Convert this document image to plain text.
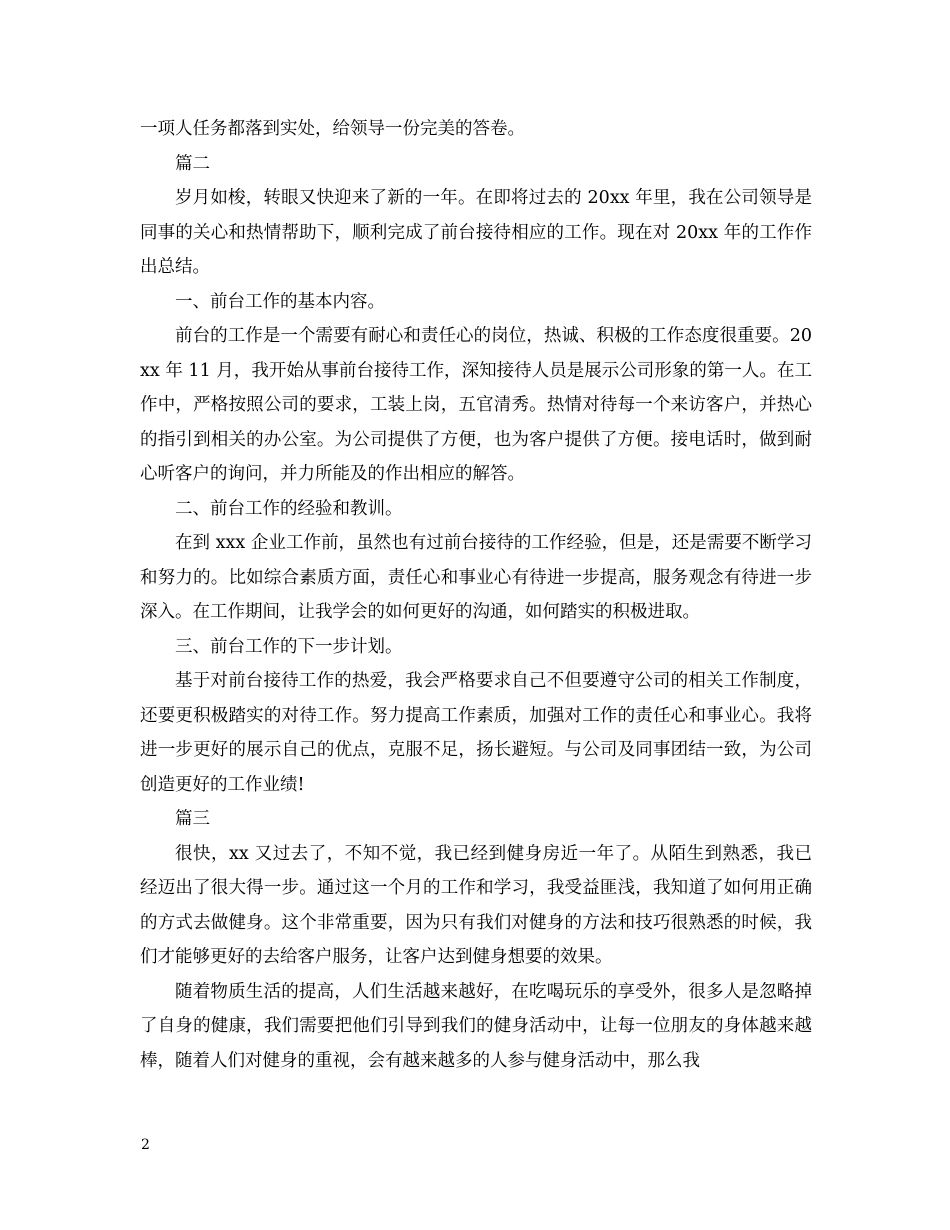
一项人任务都落到实处，给领导一份完美的答卷。

篇二

岁月如梭，转眼又快迎来了新的一年。在即将过去的 20xx 年里，我在公司领导是同事的关心和热情帮助下，顺利完成了前台接待相应的工作。现在对 20xx 年的工作作出总结。

一、前台工作的基本内容。

前台的工作是一个需要有耐心和责任心的岗位，热诚、积极的工作态度很重要。20xx 年 11 月，我开始从事前台接待工作，深知接待人员是展示公司形象的第一人。在工作中，严格按照公司的要求，工装上岗，五官清秀。热情对待每一个来访客户，并热心的指引到相关的办公室。为公司提供了方便，也为客户提供了方便。接电话时，做到耐心听客户的询问，并力所能及的作出相应的解答。

二、前台工作的经验和教训。

在到 xxx 企业工作前，虽然也有过前台接待的工作经验，但是，还是需要不断学习和努力的。比如综合素质方面，责任心和事业心有待进一步提高，服务观念有待进一步深入。在工作期间，让我学会的如何更好的沟通，如何踏实的积极进取。

三、前台工作的下一步计划。

基于对前台接待工作的热爱，我会严格要求自己不但要遵守公司的相关工作制度，还要更积极踏实的对待工作。努力提高工作素质，加强对工作的责任心和事业心。我将进一步更好的展示自己的优点，克服不足，扬长避短。与公司及同事团结一致，为公司创造更好的工作业绩!

篇三

很快，xx 又过去了，不知不觉，我已经到健身房近一年了。从陌生到熟悉，我已经迈出了很大得一步。通过这一个月的工作和学习，我受益匪浅，我知道了如何用正确的方式去做健身。这个非常重要，因为只有我们对健身的方法和技巧很熟悉的时候，我们才能够更好的去给客户服务，让客户达到健身想要的效果。

随着物质生活的提高，人们生活越来越好，在吃喝玩乐的享受外，很多人是忽略掉了自身的健康，我们需要把他们引导到我们的健身活动中，让每一位朋友的身体越来越棒，随着人们对健身的重视，会有越来越多的人参与健身活动中，那么我

2
